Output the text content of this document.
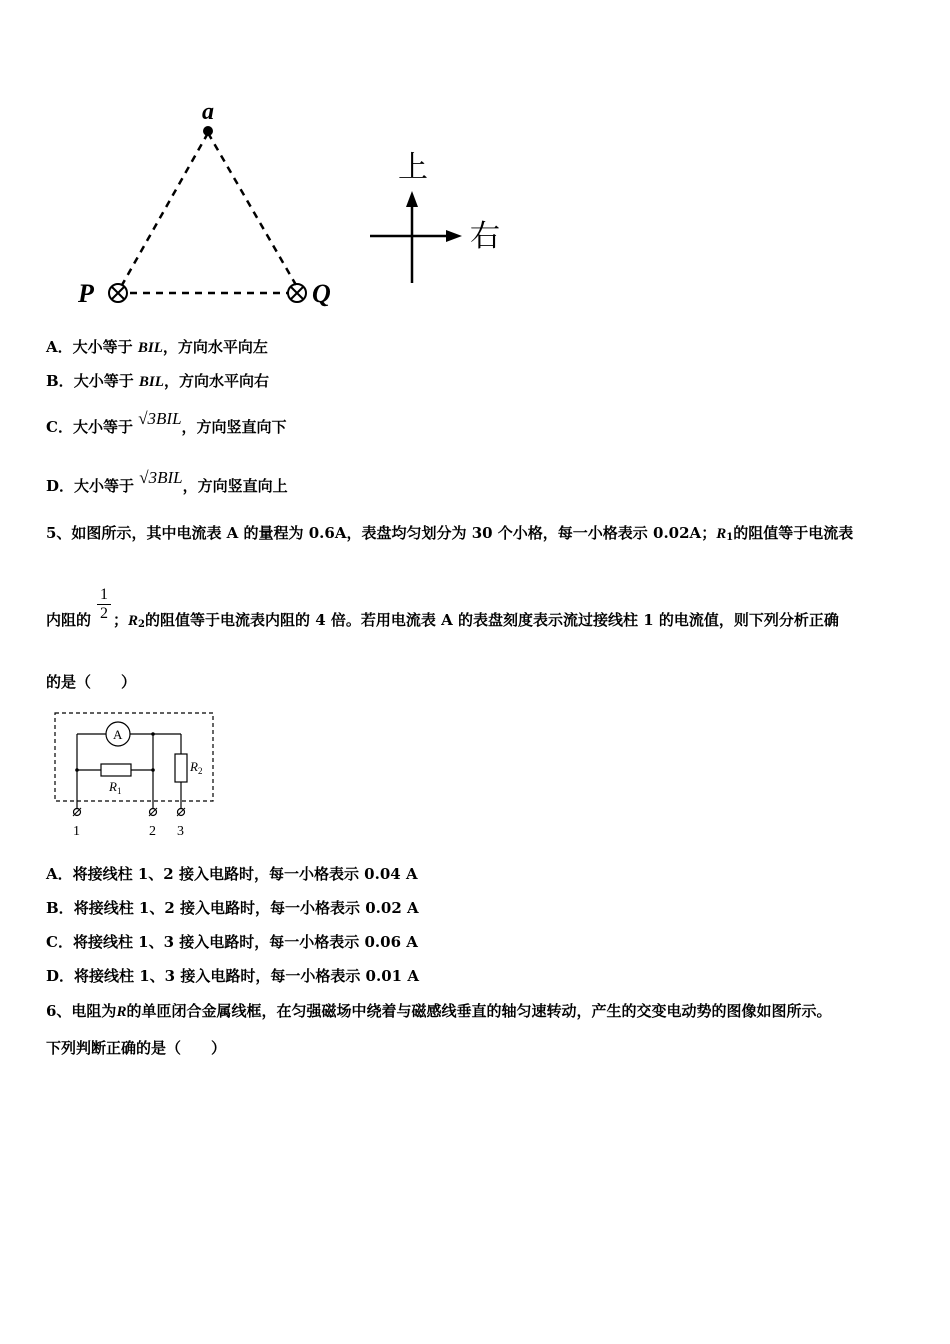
a
P	Q
上
右
A．大小等于 BIL，方向水平向左
B．大小等于 BIL，方向水平向右
C．大小等于 √3BIL，方向竖直向下
D．大小等于 √3BIL，方向竖直向上
5、如图所示，其中电流表 A 的量程为 0.6A，表盘均匀划分为 30 个小格，每一小格表示 0.02A；$R_1$的阻值等于电流表
$\frac{1}{2}$
内阻的 ；$R_2$的阻值等于电流表内阻的 4 倍。若用电流表 A 的表盘刻度表示流过接线柱 1 的电流值，则下列分析正确
的是（　　）
A
$R_1$
$R_2$
1	2 3
A．将接线柱 1、2 接入电路时，每一小格表示 0.04 A
B．将接线柱 1、2 接入电路时，每一小格表示 0.02 A
C．将接线柱 1、3 接入电路时，每一小格表示 0.06 A
D．将接线柱 1、3 接入电路时，每一小格表示 0.01 A
6、电阻为R的单匝闭合金属线框，在匀强磁场中绕着与磁感线垂直的轴匀速转动，产生的交变电动势的图像如图所示。
下列判断正确的是（　　）
